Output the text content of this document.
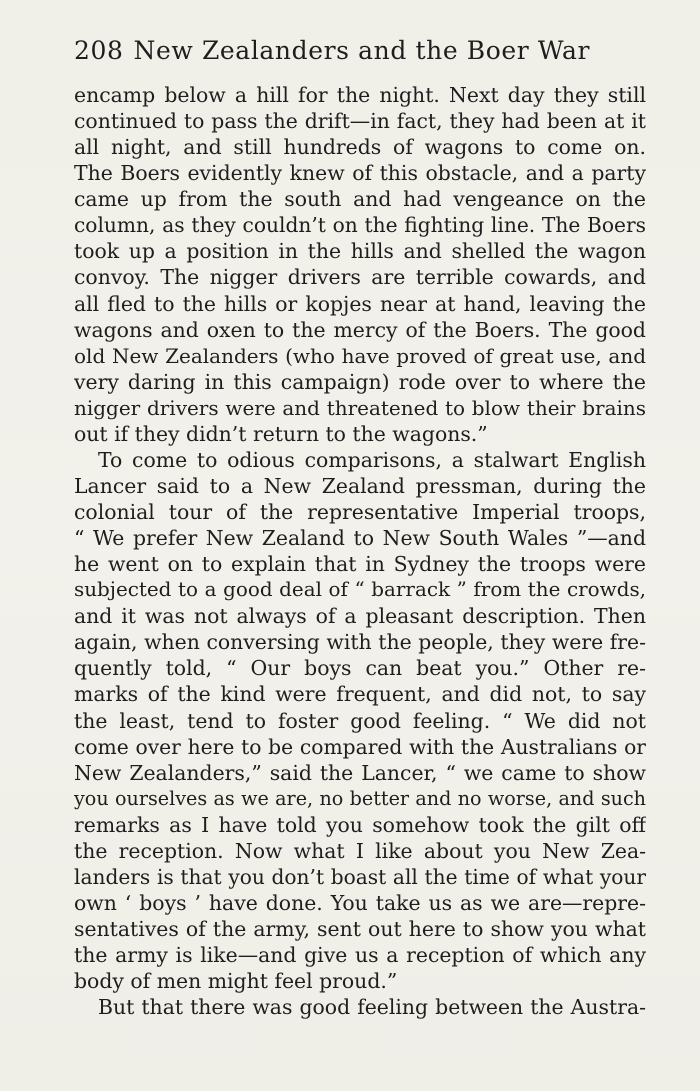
208 New Zealanders and the Boer War
encamp below a hill for the night. Next day they still
continued to pass the drift—in fact, they had been at it
all night, and still hundreds of wagons to come on.
The Boers evidently knew of this obstacle, and a party
came up from the south and had vengeance on the
column, as they couldn’t on the fighting line. The Boers
took up a position in the hills and shelled the wagon
convoy. The nigger drivers are terrible cowards, and
all fled to the hills or kopjes near at hand, leaving the
wagons and oxen to the mercy of the Boers. The good
old New Zealanders (who have proved of great use, and
very daring in this campaign) rode over to where the
nigger drivers were and threatened to blow their brains
out if they didn’t return to the wagons.”
To come to odious comparisons, a stalwart English
Lancer said to a New Zealand pressman, during the
colonial tour of the representative Imperial troops,
“ We prefer New Zealand to New South Wales ”—and
he went on to explain that in Sydney the troops were
subjected to a good deal of “ barrack ” from the crowds,
and it was not always of a pleasant description. Then
again, when conversing with the people, they were fre-
quently told, “ Our boys can beat you.” Other re-
marks of the kind were frequent, and did not, to say
the least, tend to foster good feeling. “ We did not
come over here to be compared with the Australians or
New Zealanders,” said the Lancer, “ we came to show
you ourselves as we are, no better and no worse, and such
remarks as I have told you somehow took the gilt off
the reception. Now what I like about you New Zea-
landers is that you don’t boast all the time of what your
own ‘ boys ’ have done. You take us as we are—repre-
sentatives of the army, sent out here to show you what
the army is like—and give us a reception of which any
body of men might feel proud.”
But that there was good feeling between the Austra-
